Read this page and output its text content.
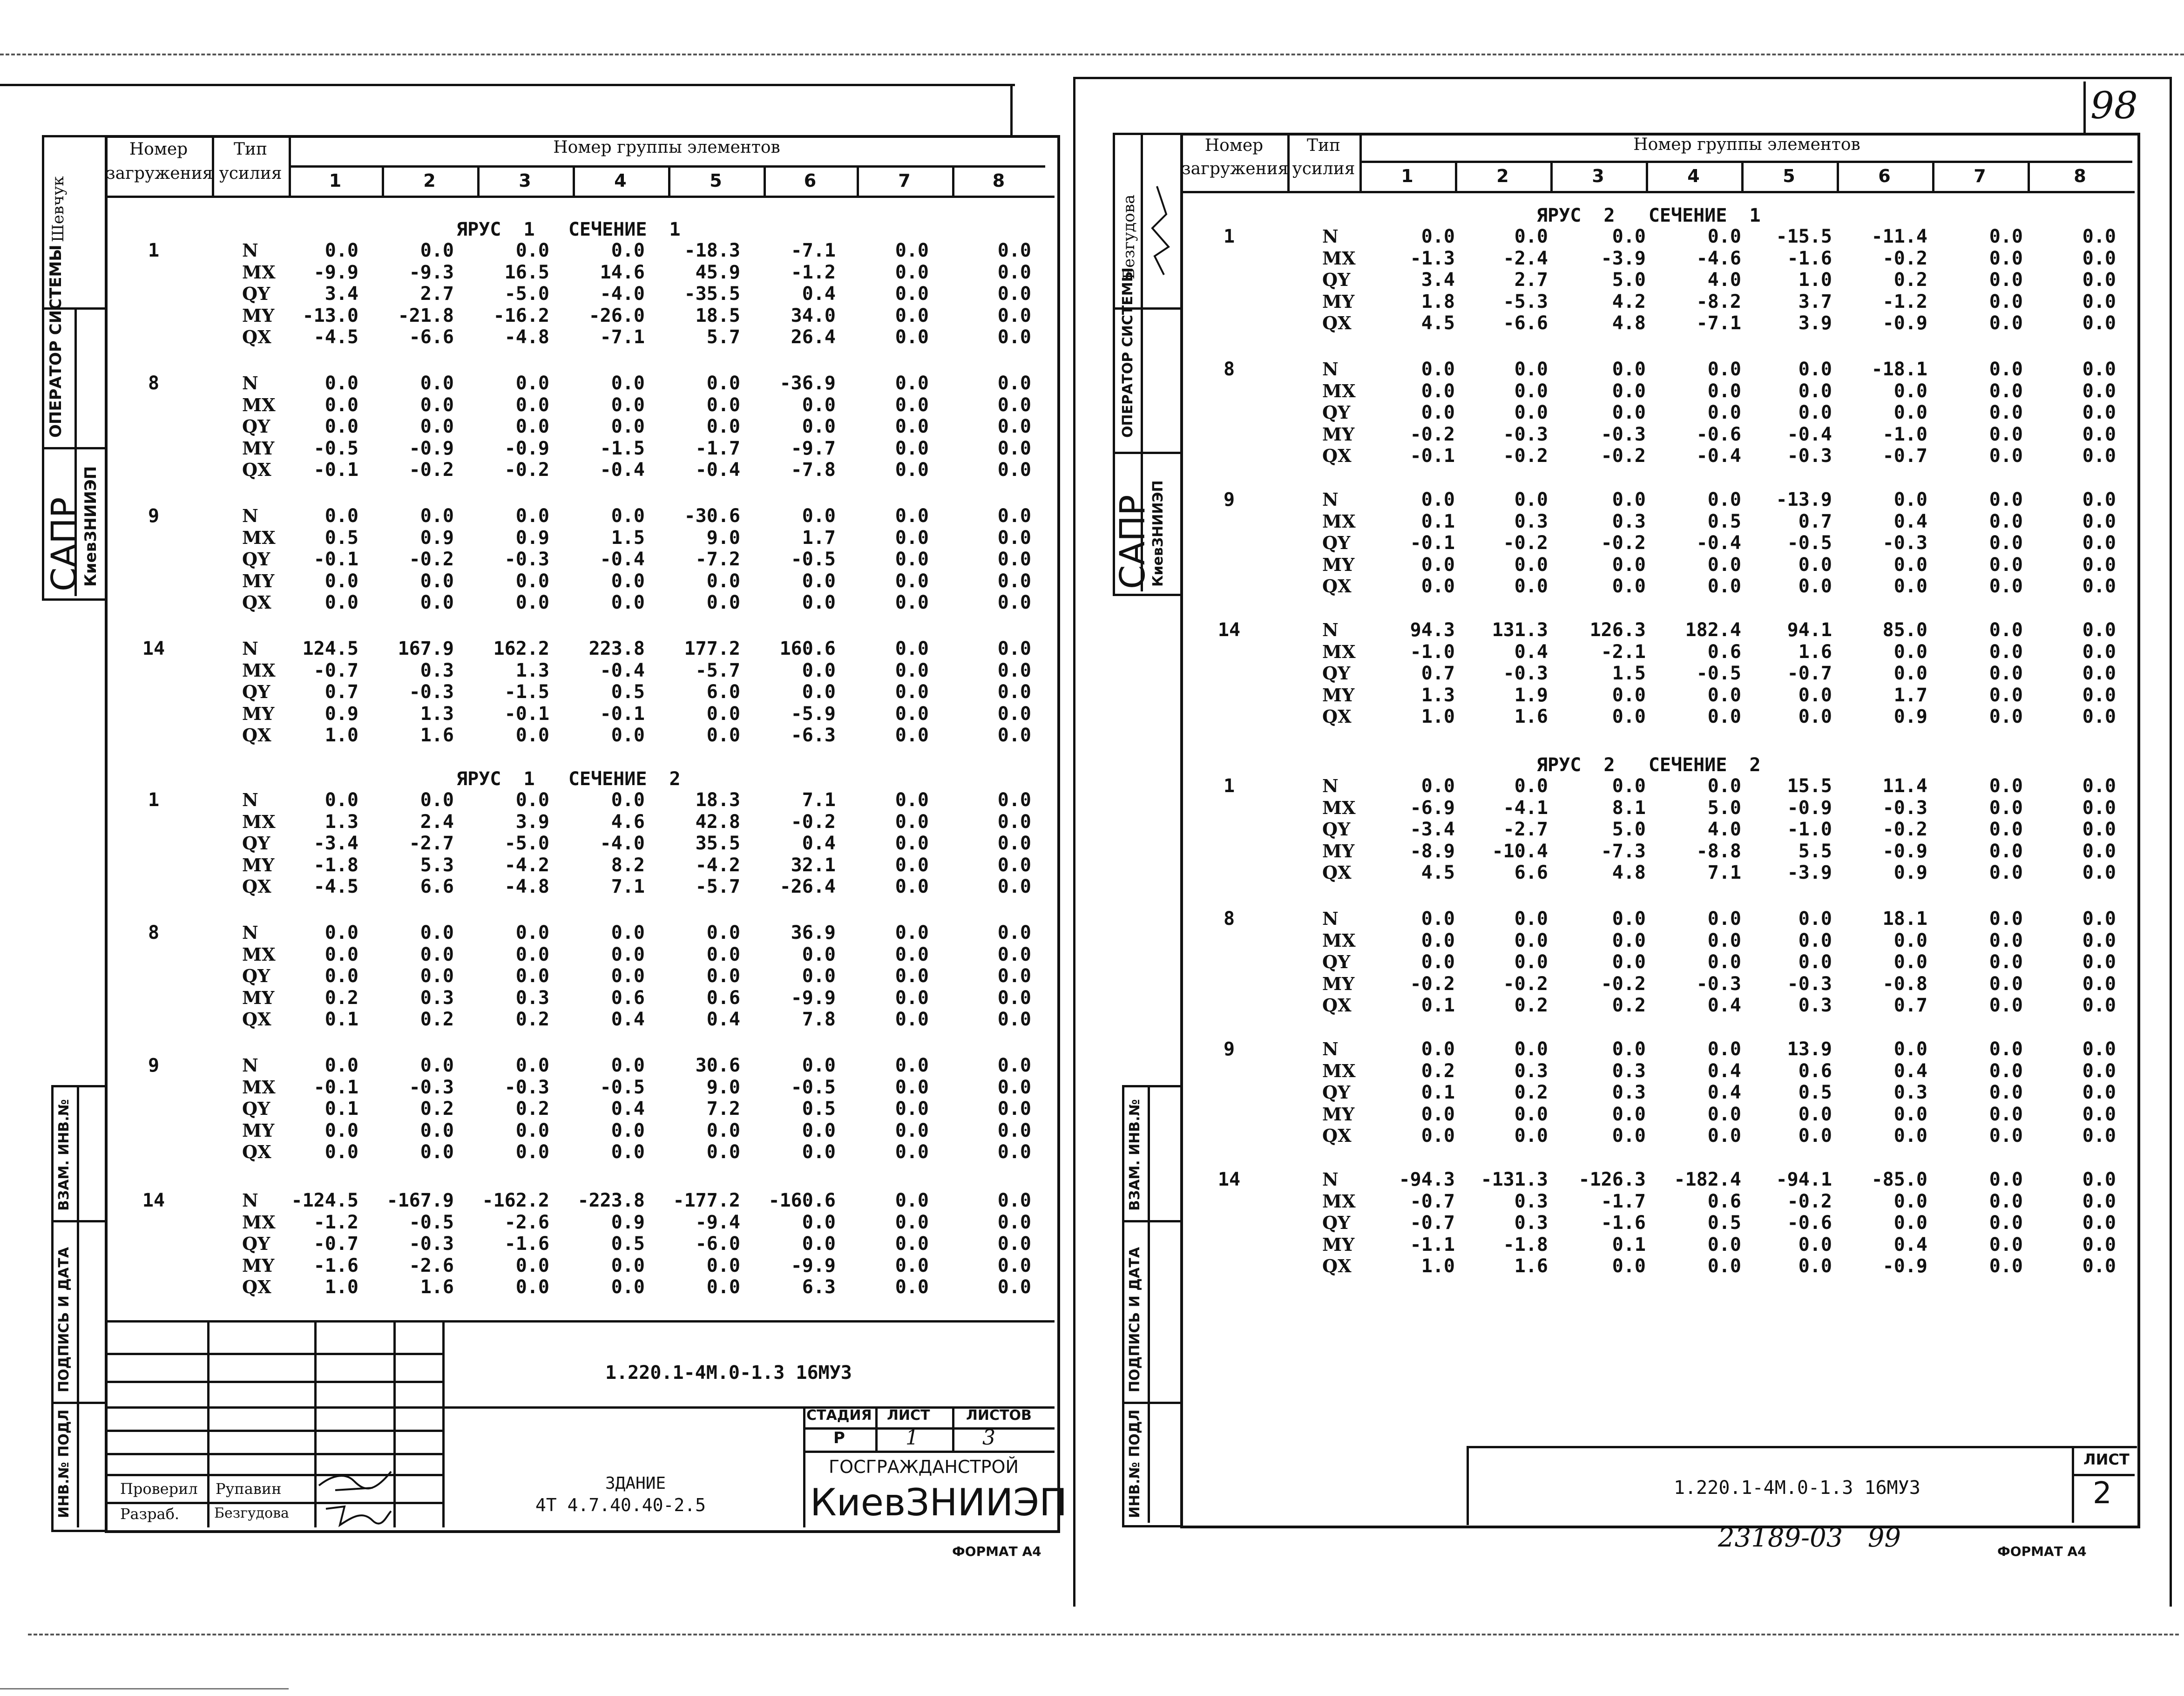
Шевчук
ОПЕРАТОР СИСТЕМЫ
САПР
КиевЗНИИЭП
ВЗАМ. ИНВ.№
ПОДПИСЬ И ДАТА
ИНВ.№ ПОДЛ
Номер
загружения
Тип
усилия
Номер группы элементов
1	2	3	4	5	6	7	8
ЯРУС  1   СЕЧЕНИЕ  1
1	N	0.0	0.0	0.0	0.0	-18.3	-7.1	0.0	0.0
MX	-9.9	-9.3	16.5	14.6	45.9	-1.2	0.0	0.0
QY	3.4	2.7	-5.0	-4.0	-35.5	0.4	0.0	0.0
MY	-13.0	-21.8	-16.2	-26.0	18.5	34.0	0.0	0.0
QX	-4.5	-6.6	-4.8	-7.1	5.7	26.4	0.0	0.0
8	N	0.0	0.0	0.0	0.0	0.0	-36.9	0.0	0.0
MX	0.0	0.0	0.0	0.0	0.0	0.0	0.0	0.0
QY	0.0	0.0	0.0	0.0	0.0	0.0	0.0	0.0
MY	-0.5	-0.9	-0.9	-1.5	-1.7	-9.7	0.0	0.0
QX	-0.1	-0.2	-0.2	-0.4	-0.4	-7.8	0.0	0.0
9	N	0.0	0.0	0.0	0.0	-30.6	0.0	0.0	0.0
MX	0.5	0.9	0.9	1.5	9.0	1.7	0.0	0.0
QY	-0.1	-0.2	-0.3	-0.4	-7.2	-0.5	0.0	0.0
MY	0.0	0.0	0.0	0.0	0.0	0.0	0.0	0.0
QX	0.0	0.0	0.0	0.0	0.0	0.0	0.0	0.0
14	N	124.5	167.9	162.2	223.8	177.2	160.6	0.0	0.0
MX	-0.7	0.3	1.3	-0.4	-5.7	0.0	0.0	0.0
QY	0.7	-0.3	-1.5	0.5	6.0	0.0	0.0	0.0
MY	0.9	1.3	-0.1	-0.1	0.0	-5.9	0.0	0.0
QX	1.0	1.6	0.0	0.0	0.0	-6.3	0.0	0.0
ЯРУС  1   СЕЧЕНИЕ  2
1	N	0.0	0.0	0.0	0.0	18.3	7.1	0.0	0.0
MX	1.3	2.4	3.9	4.6	42.8	-0.2	0.0	0.0
QY	-3.4	-2.7	-5.0	-4.0	35.5	0.4	0.0	0.0
MY	-1.8	5.3	-4.2	8.2	-4.2	32.1	0.0	0.0
QX	-4.5	6.6	-4.8	7.1	-5.7	-26.4	0.0	0.0
8	N	0.0	0.0	0.0	0.0	0.0	36.9	0.0	0.0
MX	0.0	0.0	0.0	0.0	0.0	0.0	0.0	0.0
QY	0.0	0.0	0.0	0.0	0.0	0.0	0.0	0.0
MY	0.2	0.3	0.3	0.6	0.6	-9.9	0.0	0.0
QX	0.1	0.2	0.2	0.4	0.4	7.8	0.0	0.0
9	N	0.0	0.0	0.0	0.0	30.6	0.0	0.0	0.0
MX	-0.1	-0.3	-0.3	-0.5	9.0	-0.5	0.0	0.0
QY	0.1	0.2	0.2	0.4	7.2	0.5	0.0	0.0
MY	0.0	0.0	0.0	0.0	0.0	0.0	0.0	0.0
QX	0.0	0.0	0.0	0.0	0.0	0.0	0.0	0.0
14	N	-124.5	-167.9	-162.2	-223.8	-177.2	-160.6	0.0	0.0
MX	-1.2	-0.5	-2.6	0.9	-9.4	0.0	0.0	0.0
QY	-0.7	-0.3	-1.6	0.5	-6.0	0.0	0.0	0.0
MY	-1.6	-2.6	0.0	0.0	0.0	-9.9	0.0	0.0
QX	1.0	1.6	0.0	0.0	0.0	6.3	0.0	0.0
1.220.1-4M.0-1.3 16МУЗ
СТАДИЯ ЛИСТ	ЛИСТОВ
Р	1	3
ГОСГРАЖДАНСТРОЙ
КиевЗНИИЭП
ЗДАНИЕ
4Т 4.7.40.40-2.5
Проверил Рупавин
Разраб. Безгудова
ФОРМАТ А4
98
Безгудова
ОПЕРАТОР СИСТЕМЫ
САПР
КиевЗНИИЭП
ВЗАМ. ИНВ.№
ПОДПИСЬ И ДАТА
ИНВ.№ ПОДЛ
Номер
загружения
Тип
усилия
Номер группы элементов
1	2	3	4	5	6	7	8
ЯРУС  2   СЕЧЕНИЕ  1
1	N	0.0	0.0	0.0	0.0	-15.5	-11.4	0.0	0.0
MX	-1.3	-2.4	-3.9	-4.6	-1.6	-0.2	0.0	0.0
QY	3.4	2.7	5.0	4.0	1.0	0.2	0.0	0.0
MY	1.8	-5.3	4.2	-8.2	3.7	-1.2	0.0	0.0
QX	4.5	-6.6	4.8	-7.1	3.9	-0.9	0.0	0.0
8	N	0.0	0.0	0.0	0.0	0.0	-18.1	0.0	0.0
MX	0.0	0.0	0.0	0.0	0.0	0.0	0.0	0.0
QY	0.0	0.0	0.0	0.0	0.0	0.0	0.0	0.0
MY	-0.2	-0.3	-0.3	-0.6	-0.4	-1.0	0.0	0.0
QX	-0.1	-0.2	-0.2	-0.4	-0.3	-0.7	0.0	0.0
9	N	0.0	0.0	0.0	0.0	-13.9	0.0	0.0	0.0
MX	0.1	0.3	0.3	0.5	0.7	0.4	0.0	0.0
QY	-0.1	-0.2	-0.2	-0.4	-0.5	-0.3	0.0	0.0
MY	0.0	0.0	0.0	0.0	0.0	0.0	0.0	0.0
QX	0.0	0.0	0.0	0.0	0.0	0.0	0.0	0.0
14	N	94.3	131.3	126.3	182.4	94.1	85.0	0.0	0.0
MX	-1.0	0.4	-2.1	0.6	1.6	0.0	0.0	0.0
QY	0.7	-0.3	1.5	-0.5	-0.7	0.0	0.0	0.0
MY	1.3	1.9	0.0	0.0	0.0	1.7	0.0	0.0
QX	1.0	1.6	0.0	0.0	0.0	0.9	0.0	0.0
ЯРУС  2   СЕЧЕНИЕ  2
1	N	0.0	0.0	0.0	0.0	15.5	11.4	0.0	0.0
MX	-6.9	-4.1	8.1	5.0	-0.9	-0.3	0.0	0.0
QY	-3.4	-2.7	5.0	4.0	-1.0	-0.2	0.0	0.0
MY	-8.9	-10.4	-7.3	-8.8	5.5	-0.9	0.0	0.0
QX	4.5	6.6	4.8	7.1	-3.9	0.9	0.0	0.0
8	N	0.0	0.0	0.0	0.0	0.0	18.1	0.0	0.0
MX	0.0	0.0	0.0	0.0	0.0	0.0	0.0	0.0
QY	0.0	0.0	0.0	0.0	0.0	0.0	0.0	0.0
MY	-0.2	-0.2	-0.2	-0.3	-0.3	-0.8	0.0	0.0
QX	0.1	0.2	0.2	0.4	0.3	0.7	0.0	0.0
9	N	0.0	0.0	0.0	0.0	13.9	0.0	0.0	0.0
MX	0.2	0.3	0.3	0.4	0.6	0.4	0.0	0.0
QY	0.1	0.2	0.3	0.4	0.5	0.3	0.0	0.0
MY	0.0	0.0	0.0	0.0	0.0	0.0	0.0	0.0
QX	0.0	0.0	0.0	0.0	0.0	0.0	0.0	0.0
14	N	-94.3	-131.3	-126.3	-182.4	-94.1	-85.0	0.0	0.0
MX	-0.7	0.3	-1.7	0.6	-0.2	0.0	0.0	0.0
QY	-0.7	0.3	-1.6	0.5	-0.6	0.0	0.0	0.0
MY	-1.1	-1.8	0.1	0.0	0.0	0.4	0.0	0.0
QX	1.0	1.6	0.0	0.0	0.0	-0.9	0.0	0.0
1.220.1-4M.0-1.3 16МУЗ
ЛИСТ
2
23189-03   99	ФОРМАТ А4
